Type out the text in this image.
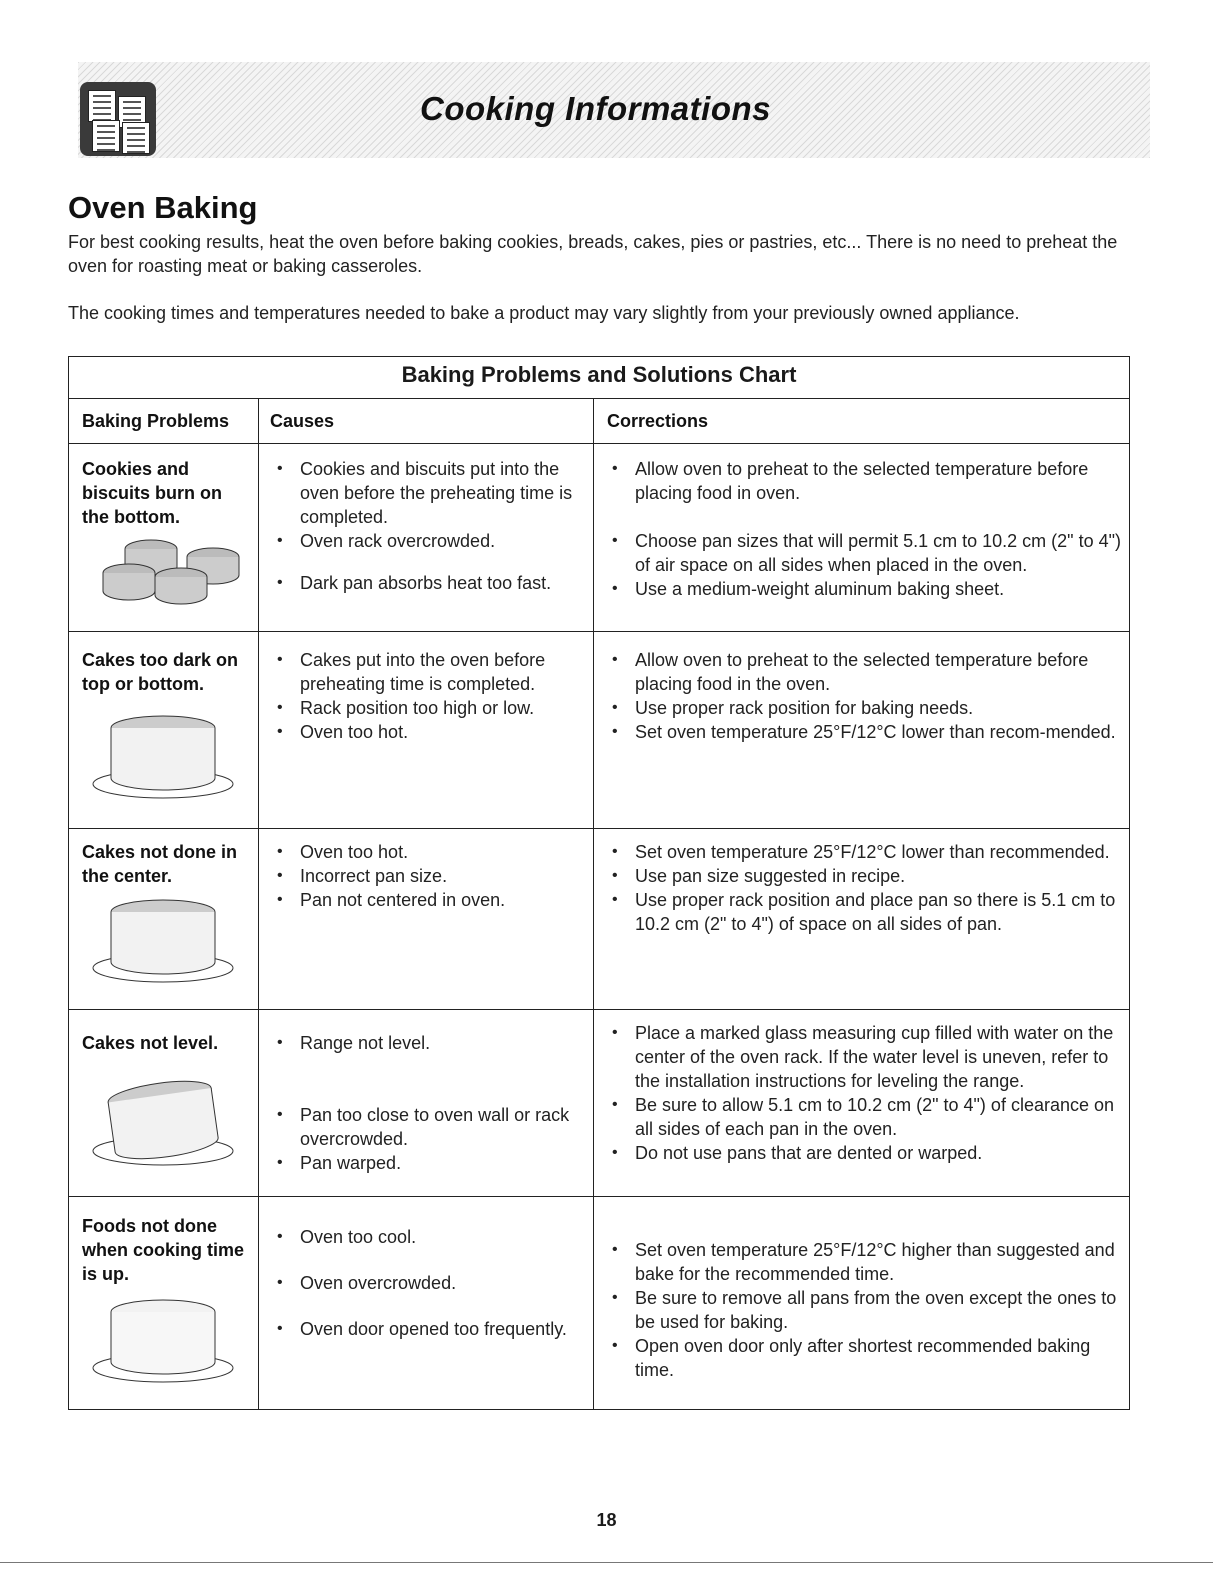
Cooking Informations
Oven Baking

For best cooking results, heat the oven before baking cookies, breads, cakes, pies or pastries, etc... There is no need to preheat the oven for roasting meat or baking casseroles.

The cooking times and temperatures needed to bake a product may vary slightly from your previously owned appliance.

Baking Problems and Solutions Chart
Baking Problems Causes	Corrections

Cookies and biscuits burn on the bottom.

• Cookies and biscuits put into the oven before the preheating time is completed.
• Oven rack overcrowded.
• Dark pan absorbs heat too fast.
• Allow oven to preheat to the selected temperature before placing food in oven.
• Choose pan sizes that will permit 5.1 cm to 10.2 cm (2" to 4") of air space on all sides when placed in the oven.
• Use a medium-weight aluminum baking sheet.

Cakes too dark on top or bottom.

• Cakes put into the oven before preheating time is completed.
• Rack position too high or low.
• Oven too hot.
• Allow oven to preheat to the selected temperature before placing food in the oven.
• Use proper rack position for baking needs.
• Set oven temperature 25°F/12°C lower than recom-mended.

Cakes not done in the center.

• Oven too hot.
• Incorrect pan size.
• Pan not centered in oven.
• Set oven temperature 25°F/12°C lower than recommended.
• Use pan size suggested in recipe.
• Use proper rack position and place pan so there is 5.1 cm to 10.2 cm (2" to 4") of space on all sides of pan.

Cakes not level.

•	Range not level.
• Pan too close to oven wall or rack overcrowded.
• Pan warped.
• Place a marked glass measuring cup filled with water on the center of the oven rack. If the water level is uneven, refer to the installation instructions for leveling the range.
• Be sure to allow 5.1 cm to 10.2 cm (2" to 4") of clearance on all sides of each pan in the oven.
• Do not use pans that are dented or warped.

Foods not done when cooking time is up.

• Oven too cool.
• Oven overcrowded.
• Oven door opened too frequently.
• Set oven temperature 25°F/12°C higher than suggested and bake for the recommended time.
• Be sure to remove all pans from the oven except the ones to be used for baking.
• Open oven door only after shortest recommended baking time.
18
